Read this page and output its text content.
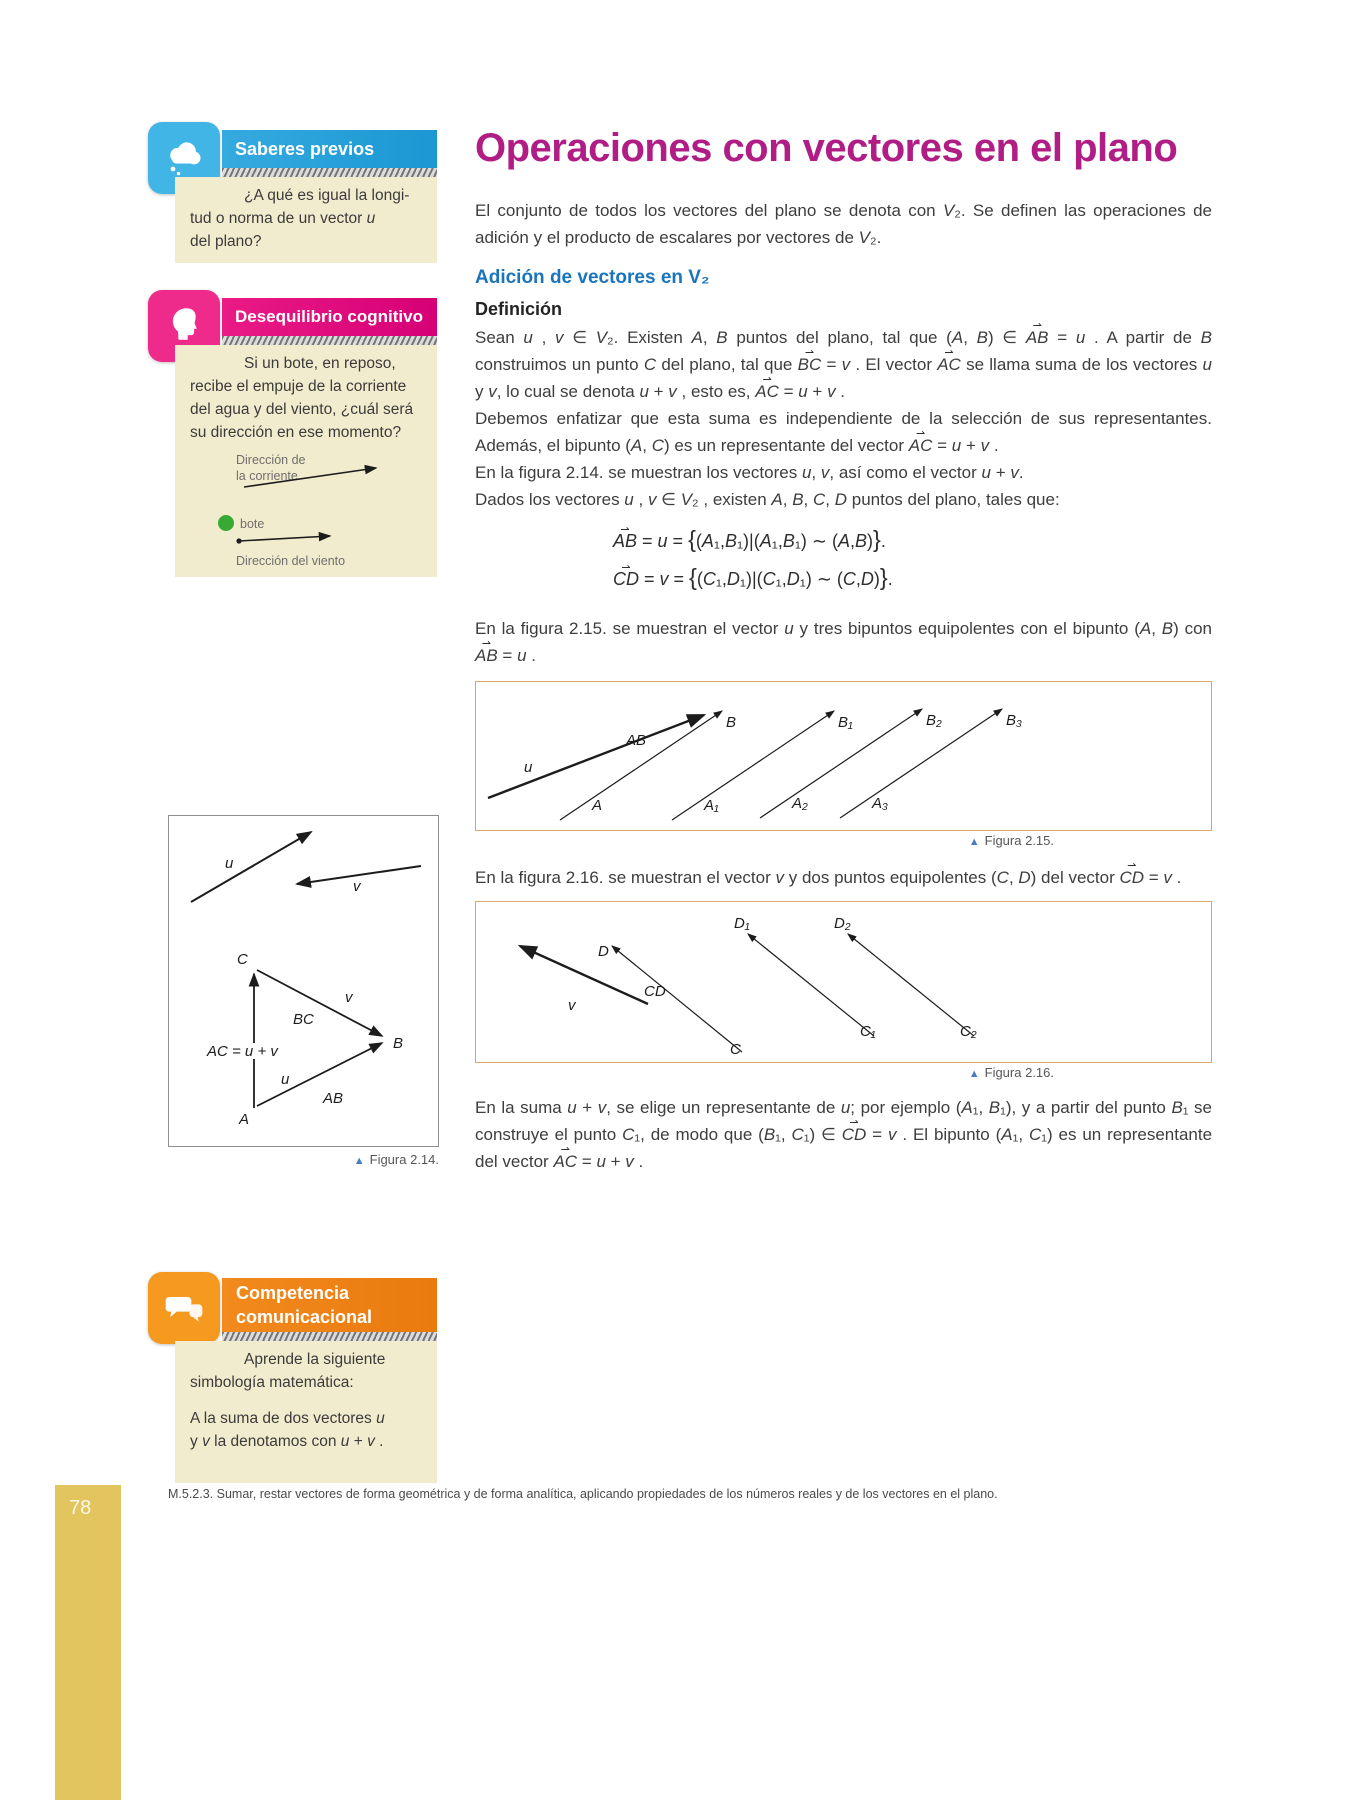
Saberes previos
¿A qué es igual la longi-
tud o norma de un vector u
del plano?
Desequilibrio cognitivo
Si un bote, en reposo,
recibe el empuje de la corriente
del agua y del viento, ¿cuál será
su dirección en ese momento?
Dirección de
la corriente
bote
Dirección del viento
u
v
C
A
B
v
BC
u
AB
AC = u + v
▲ Figura 2.14.
Competencia
comunicacional
Aprende la siguiente
simbología matemática:
A la suma de dos vectores u
y v la denotamos con u + v .
Operaciones con vectores en el plano

El conjunto de todos los vectores del plano se denota con V₂. Se definen las operaciones de adición y el producto de escalares por vectores de V₂.

Adición de vectores en V₂
Definición

Sean u , v ∈ V₂. Existen A, B puntos del plano, tal que (A, B) ∈ ⇀ AB = u . A partir de B construimos un punto C del plano, tal que ⇀ BC = v . El vector ⇀ AC se llama suma de los vectores u y v, lo cual se denota u + v , esto es, ⇀ AC = u + v .

Debemos enfatizar que esta suma es independiente de la selección de sus representantes. Además, el bipunto (A, C) es un representante del vector ⇀ AC = u + v .

En la figura 2.14. se muestran los vectores u, v, así como el vector u + v.

Dados los vectores u , v ∈ V₂ , existen A, B, C, D puntos del plano, tales que:

⇀ AB = u = {(A₁,B₁)|(A₁,B₁) ∼ (A,B)}.
⇀ CD = v = {(C₁,D₁)|(C₁,D₁) ∼ (C,D)}.

En la figura 2.15. se muestran el vector u y tres bipuntos equipolentes con el bipunto (A, B) con ⇀ AB = u .

u
AB
A
B
A₁
B₁
A₂
B₂
A₃
B₃
▲ Figura 2.15.

En la figura 2.16. se muestran el vector v y dos puntos equipolentes (C, D) del vector ⇀ CD = v .

v
CD
D
C
D₁
C₁
D₂
C₂
▲ Figura 2.16.

En la suma u + v, se elige un representante de u; por ejemplo (A₁, B₁), y a partir del punto B₁ se construye el punto C₁, de modo que (B₁, C₁) ∈ ⇀ CD = v . El bipunto (A₁, C₁) es un representante del vector ⇀ AC = u + v .

M.5.2.3. Sumar, restar vectores de forma geométrica y de forma analítica, aplicando propiedades de los números reales y de los vectores en el plano.
78
